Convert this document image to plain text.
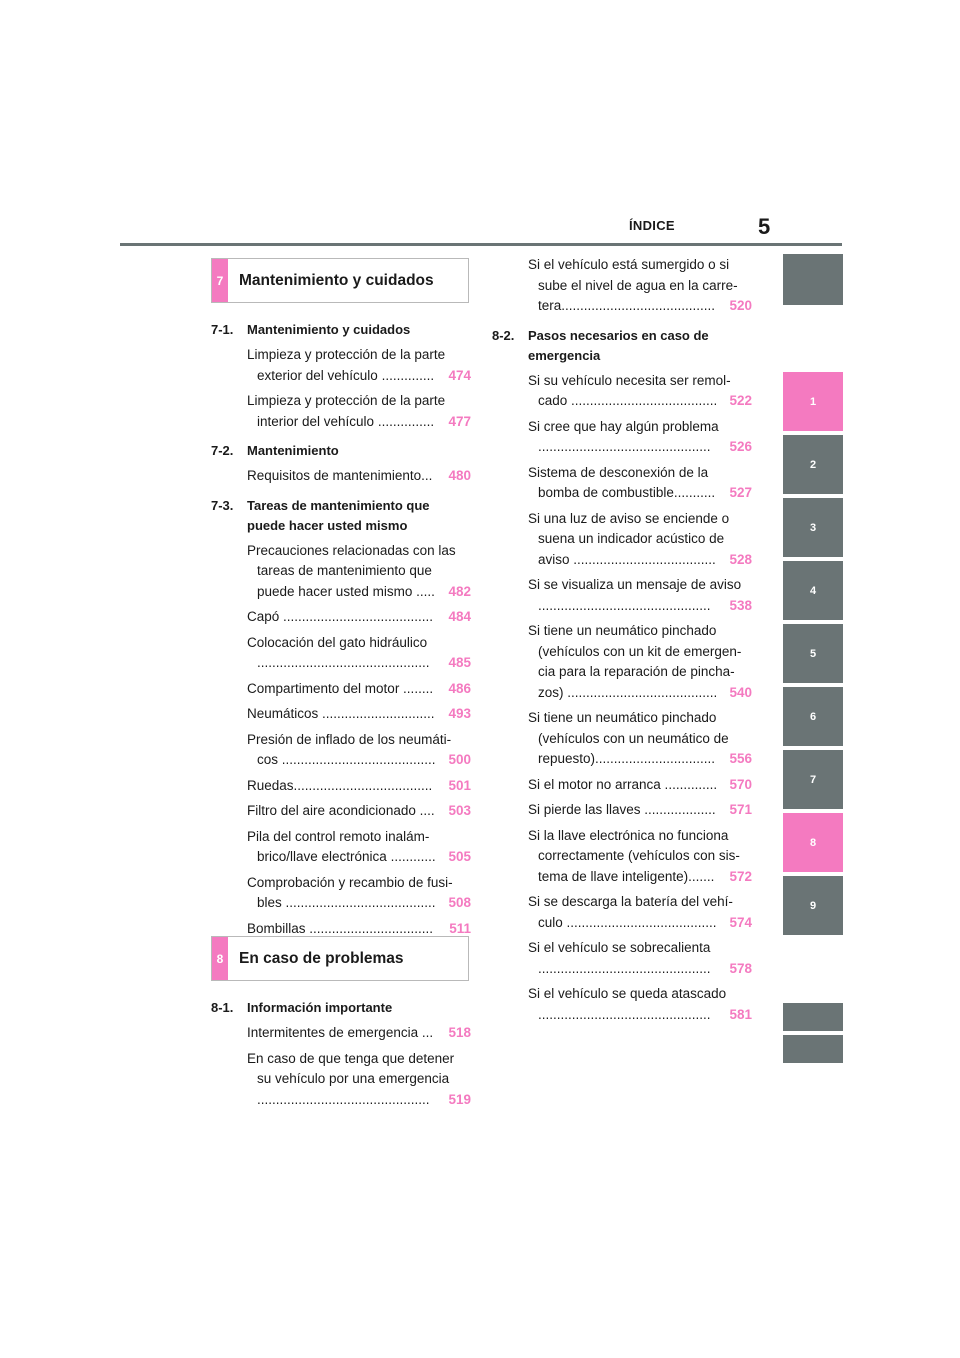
ÍNDICE	5
1
2
3
4
5
6
7
8
9
7	Mantenimiento y cuidados
7-1.	Mantenimiento y cuidados
Limpieza y protección de la parte exterior del vehículo ..............	474
Limpieza y protección de la parte interior del vehículo ...............	477
7-2.	Mantenimiento
Requisitos de mantenimiento...	480
7-3.	Tareas de mantenimiento que puede hacer usted mismo
Precauciones relacionadas con las tareas de mantenimiento que puede hacer usted mismo .....	482
Capó ........................................	484
Colocación del gato hidráulico ..............................................	485
Compartimento del motor ........	486
Neumáticos ..............................	493
Presión de inflado de los neumáti- cos ......................................... 500
Ruedas.....................................	501
Filtro del aire acondicionado ....	503
Pila del control remoto inalám- brico/llave electrónica ............ 505
Comprobación y recambio de fusi- bles ........................................ 508
Bombillas .................................	511
8	En caso de problemas
8-1.	Información importante
Intermitentes de emergencia ...	518
En caso de que tenga que detener su vehículo por una emergencia ..............................................	519
Si el vehículo está sumergido o si sube el nivel de agua en la carre- tera.........................................	520
8-2.	Pasos necesarios en caso de emergencia
Si su vehículo necesita ser remol- cado ....................................... 522
Si cree que hay algún problema ..............................................	526
Sistema de desconexión de la bomba de combustible...........	527
Si una luz de aviso se enciende o suena un indicador acústico de aviso ......................................	528
Si se visualiza un mensaje de aviso ..............................................	538
Si tiene un neumático pinchado (vehículos con un kit de emergen- cia para la reparación de pincha- zos) ........................................ 540
Si tiene un neumático pinchado (vehículos con un neumático de repuesto)................................	556
Si el motor no arranca .............. 570
Si pierde las llaves ...................	571
Si la llave electrónica no funciona correctamente (vehículos con sis- tema de llave inteligente).......	572
Si se descarga la batería del vehí- culo ........................................ 574
Si el vehículo se sobrecalienta ..............................................	578
Si el vehículo se queda atascado ..............................................	581
